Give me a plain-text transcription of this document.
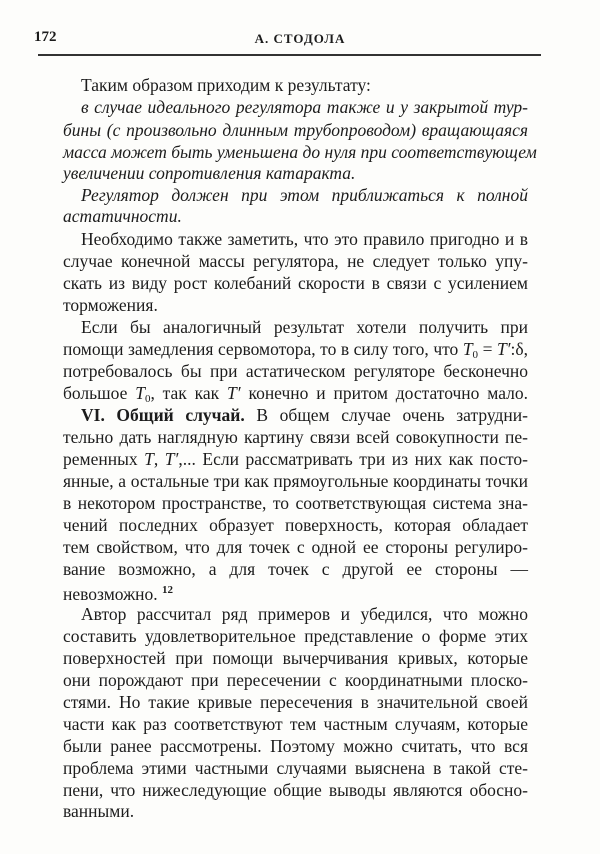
172	А. СТОДОЛА
Таким образом приходим к результату:
в случае идеального регулятора также и у закрытой тур-
бины (с произвольно длинным трубопроводом) вращающаяся
масса может быть уменьшена до нуля при соответствующем
увеличении сопротивления катаракта.
Регулятор должен при этом приближаться к полной
астатичности.
Необходимо также заметить, что это правило пригодно и в
случае конечной массы регулятора, не следует только упу-
скать из виду рост колебаний скорости в связи с усилением
торможения.
Если бы аналогичный результат хотели получить при
помощи замедления сервомотора, то в силу того, что $T_0$ = T′:δ,
потребовалось бы при астатическом регуляторе бесконечно
большое $T_0$, так как T′ конечно и притом достаточно мало.
VI. Общий случай. В общем случае очень затрудни-
тельно дать наглядную картину связи всей совокупности пе-
ременных T, T′,... Если рассматривать три из них как посто-
янные, а остальные три как прямоугольные координаты точки
в некотором пространстве, то соответствующая система зна-
чений последних образует поверхность, которая обладает
тем свойством, что для точек с одной ее стороны регулиро-
вание возможно, а для точек с другой ее стороны —
невозможно. $^{12}$
Автор рассчитал ряд примеров и убедился, что можно
составить удовлетворительное представление о форме этих
поверхностей при помощи вычерчивания кривых, которые
они порождают при пересечении с координатными плоско-
стями. Но такие кривые пересечения в значительной своей
части как раз соответствуют тем частным случаям, которые
были ранее рассмотрены. Поэтому можно считать, что вся
проблема этими частными случаями выяснена в такой сте-
пени, что нижеследующие общие выводы являются обосно-
ванными.
